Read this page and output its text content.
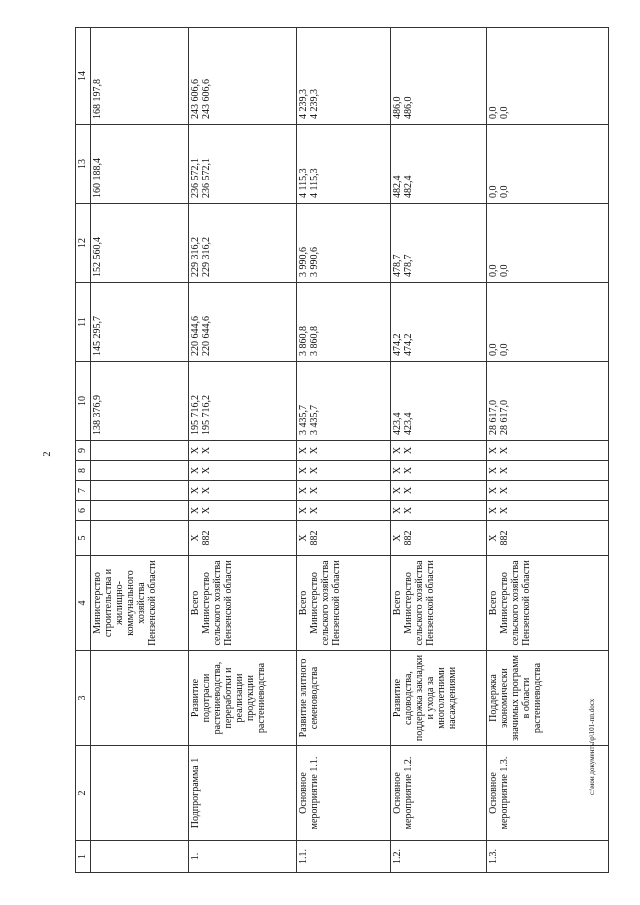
2
1	2	3	4	5	6	7	8	9	10	11	12	13	14
			Министерство строительства и жилищно-коммунального хозяйства Пензенской области						138 376,9	145 295,7	152 560,4	160 188,4	168 197,8
1.	Подпрограмма 1	Развитие подотрасли растениеводства, переработки и реализации продукции растениеводства	Всего Министерство сельского хозяйства Пензенской области	Х 882	Х Х	Х Х	Х Х	Х Х	195 716,2 195 716,2	220 644,6 220 644,6	229 316,2 229 316,2	236 572,1 236 572,1	243 606,6 243 606,6

1.1.	Основное мероприятие 1.1.	Развитие элитного семеноводства	Всего Министерство сельского хозяйства Пензенской области	Х 882	Х Х	Х Х	Х Х	Х Х	3 435,7 3 435,7	3 860,8 3 860,8	3 990,6 3 990,6	4 115,3 4 115,3	4 239,3 4 239,3

1.2.	Основное мероприятие 1.2.	Развитие садоводства, поддержка закладки и ухода за многолетними насаждениями	Всего Министерство сельского хозяйства Пензенской области	Х 882	Х Х	Х Х	Х Х	Х Х	423,4 423,4	474,2 474,2	478,7 478,7	482,4 482,4	486,0 486,0

1.3.	Основное мероприятие 1.3.	Поддержка экономически значимых программ в области растениеводства	Всего Министерство сельского хозяйства Пензенской области	Х 882	Х Х	Х Х	Х Х	Х Х	28 617,0 28 617,0	0,0 0,0	0,0 0,0	0,0 0,0	0,0 0,0
c:\мои документы\р\101-пп.docx
